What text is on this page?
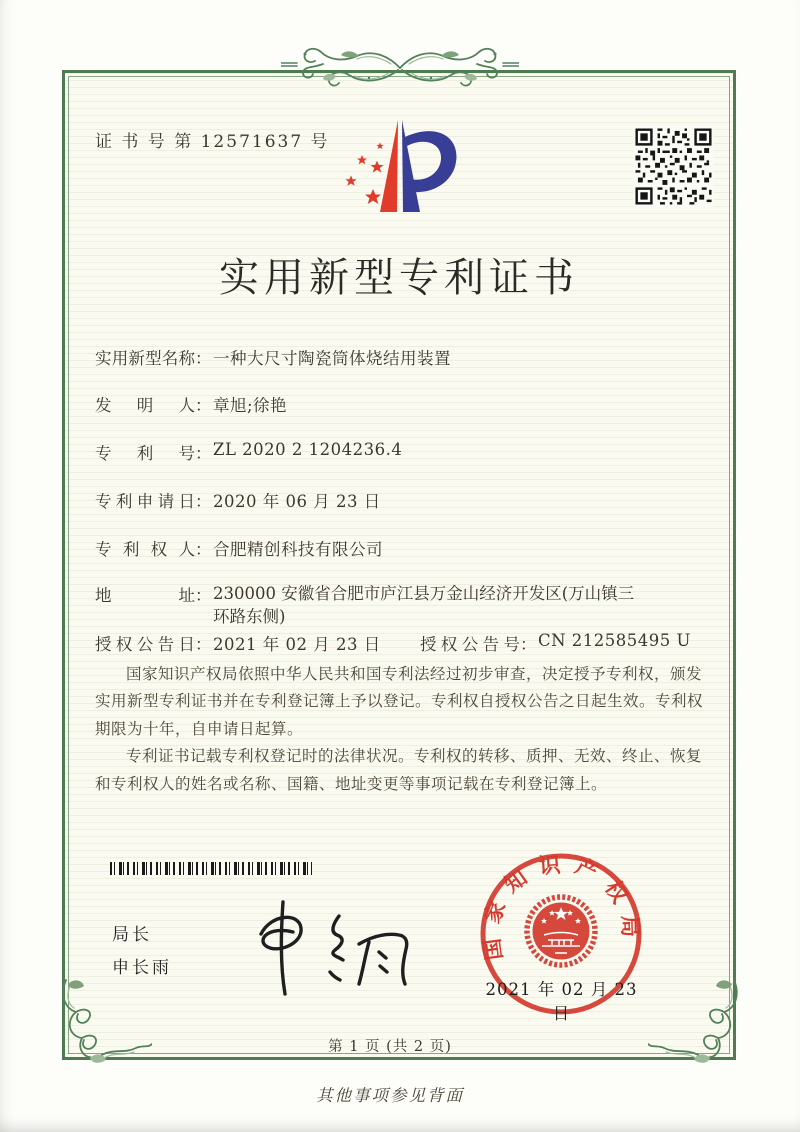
证 书 号 第 12571637 号
实用新型专利证书
实用新型名称：一种大尺寸陶瓷筒体烧结用装置
发明人：章旭;徐艳
专利号：ZL 2020 2 1204236.4
专利申请日：2020 年 06 月 23 日
专利权人：合肥精创科技有限公司
地址：230000 安徽省合肥市庐江县万金山经济开发区(万山镇三
环路东侧)
授权公告日：2021 年 02 月 23 日 授权公告号：CN 212585495 U

国家知识产权局依照中华人民共和国专利法经过初步审查，决定授予专利权，颁发实用新型专利证书并在专利登记簿上予以登记。专利权自授权公告之日起生效。专利权期限为十年，自申请日起算。

专利证书记载专利权登记时的法律状况。专利权的转移、质押、无效、终止、恢复和专利权人的姓名或名称、国籍、地址变更等事项记载在专利登记簿上。

局长
申长雨
国家知识产权局
2021 年 02 月 23 日
第 1 页 (共 2 页)
其他事项参见背面
